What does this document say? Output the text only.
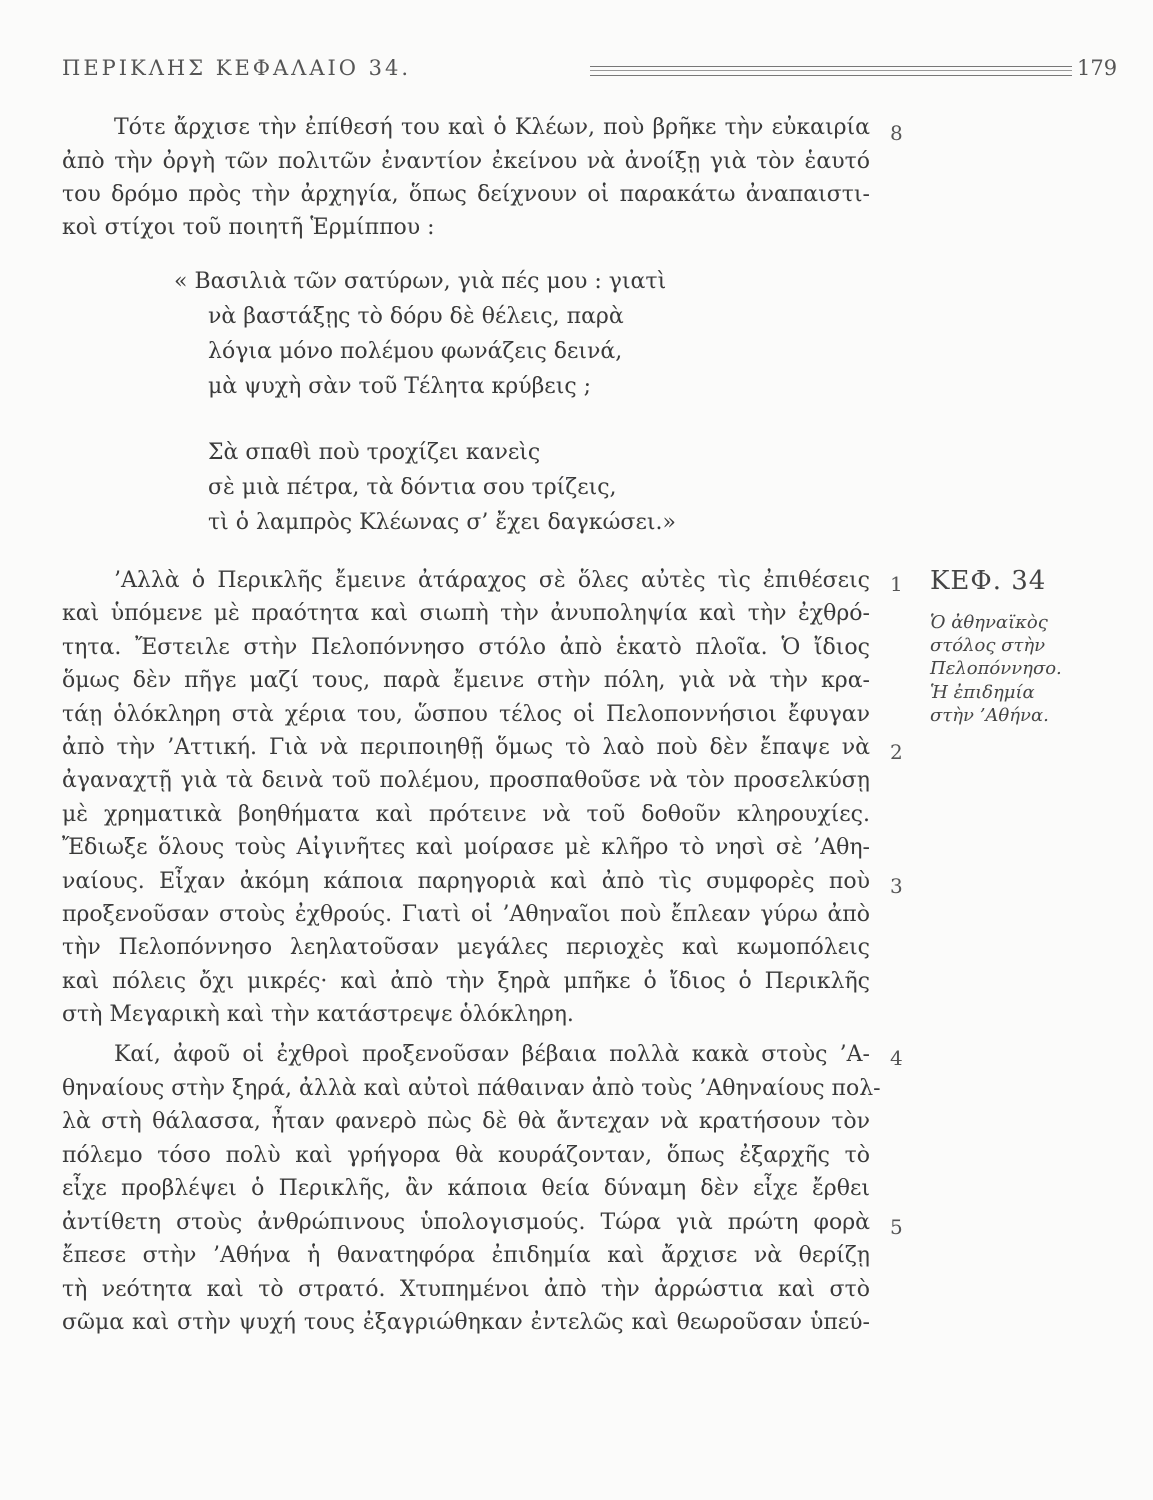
ΠΕΡΙΚΛΗΣ ΚΕΦΑΛΑΙΟ 34.	179
Τότε ἄρχισε τὴν ἐπίθεσή του καὶ ὁ Κλέων, ποὺ βρῆκε τὴν εὐκαιρία
ἀπὸ τὴν ὀργὴ τῶν πολιτῶν ἐναντίον ἐκείνου νὰ ἀνοίξῃ γιὰ τὸν ἑαυτό
του δρόμο πρὸς τὴν ἀρχηγία, ὅπως δείχνουν οἱ παρακάτω ἀναπαιστι-
κοὶ στίχοι τοῦ ποιητῆ Ἑρμίππου :
« Βασιλιὰ τῶν σατύρων, γιὰ πές μου : γιατὶ
νὰ βαστάξῃς τὸ δόρυ δὲ θέλεις, παρὰ
λόγια μόνο πολέμου φωνάζεις δεινά,
μὰ ψυχὴ σὰν τοῦ Τέλητα κρύβεις ;
Σὰ σπαθὶ ποὺ τροχίζει κανεὶς
σὲ μιὰ πέτρα, τὰ δόντια σου τρίζεις,
τὶ ὁ λαμπρὸς Κλέωνας σ’ ἔχει δαγκώσει.»
’Αλλὰ ὁ Περικλῆς ἔμεινε ἀτάραχος σὲ ὅλες αὐτὲς τὶς ἐπιθέσεις
καὶ ὑπόμενε μὲ πραότητα καὶ σιωπὴ τὴν ἀνυποληψία καὶ τὴν ἐχθρό-
τητα. Ἔστειλε στὴν Πελοπόννησο στόλο ἀπὸ ἑκατὸ πλοῖα. Ὁ ἴδιος
ὅμως δὲν πῆγε μαζί τους, παρὰ ἔμεινε στὴν πόλη, γιὰ νὰ τὴν κρα-
τάῃ ὁλόκληρη στὰ χέρια του, ὥσπου τέλος οἱ Πελοποννήσιοι ἔφυγαν
ἀπὸ τὴν ’Αττική. Γιὰ νὰ περιποιηθῇ ὅμως τὸ λαὸ ποὺ δὲν ἔπαψε νὰ
ἀγαναχτῇ γιὰ τὰ δεινὰ τοῦ πολέμου, προσπαθοῦσε νὰ τὸν προσελκύσῃ
μὲ χρηματικὰ βοηθήματα καὶ πρότεινε νὰ τοῦ δοθοῦν κληρουχίες.
Ἔδιωξε ὅλους τοὺς Αἰγινῆτες καὶ μοίρασε μὲ κλῆρο τὸ νησὶ σὲ ’Αθη-
ναίους. Εἶχαν ἀκόμη κάποια παρηγοριὰ καὶ ἀπὸ τὶς συμφορὲς ποὺ
προξενοῦσαν στοὺς ἐχθρούς. Γιατὶ οἱ ’Αθηναῖοι ποὺ ἔπλεαν γύρω ἀπὸ
τὴν Πελοπόννησο λεηλατοῦσαν μεγάλες περιοχὲς καὶ κωμοπόλεις
καὶ πόλεις ὄχι μικρές· καὶ ἀπὸ τὴν ξηρὰ μπῆκε ὁ ἴδιος ὁ Περικλῆς
στὴ Μεγαρικὴ καὶ τὴν κατάστρεψε ὁλόκληρη.
Καί, ἀφοῦ οἱ ἐχθροὶ προξενοῦσαν βέβαια πολλὰ κακὰ στοὺς ’Α-
θηναίους στὴν ξηρά, ἀλλὰ καὶ αὐτοὶ πάθαιναν ἀπὸ τοὺς ’Αθηναίους πολ-
λὰ στὴ θάλασσα, ἦταν φανερὸ πὼς δὲ θὰ ἄντεχαν νὰ κρατήσουν τὸν
πόλεμο τόσο πολὺ καὶ γρήγορα θὰ κουράζονταν, ὅπως ἐξαρχῆς τὸ
εἶχε προβλέψει ὁ Περικλῆς, ἂν κάποια θεία δύναμη δὲν εἶχε ἔρθει
ἀντίθετη στοὺς ἀνθρώπινους ὑπολογισμούς. Τώρα γιὰ πρώτη φορὰ
ἔπεσε στὴν ’Αθήνα ἡ θανατηφόρα ἐπιδημία καὶ ἄρχισε νὰ θερίζῃ
τὴ νεότητα καὶ τὸ στρατό. Χτυπημένοι ἀπὸ τὴν ἀρρώστια καὶ στὸ
σῶμα καὶ στὴν ψυχή τους ἐξαγριώθηκαν ἐντελῶς καὶ θεωροῦσαν ὑπεύ-
8
1
2
3
4
5
ΚΕΦ. 34
Ὁ ἀθηναϊκὸς
στόλος στὴν
Πελοπόννησο.
Ἡ ἐπιδημία
στὴν ’Αθήνα.
